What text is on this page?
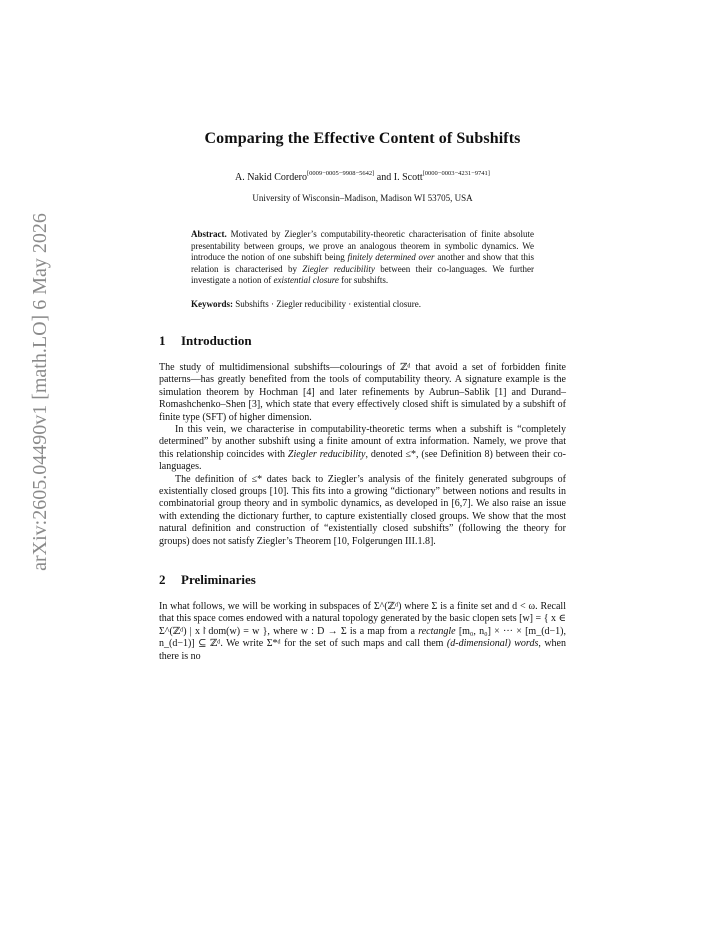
arXiv:2605.04490v1 [math.LO] 6 May 2026
Comparing the Effective Content of Subshifts
A. Nakid Cordero[0009−0005−9908−5642] and I. Scott[0000−0003−4231−9741]
University of Wisconsin–Madison, Madison WI 53705, USA
Abstract. Motivated by Ziegler’s computability-theoretic characterisation of finite absolute presentability between groups, we prove an analogous theorem in symbolic dynamics. We introduce the notion of one subshift being finitely determined over another and show that this relation is characterised by Ziegler reducibility between their co-languages. We further investigate a notion of existential closure for subshifts.
Keywords: Subshifts · Ziegler reducibility · existential closure.
1 Introduction

The study of multidimensional subshifts—colourings of ℤᵈ that avoid a set of forbidden finite patterns—has greatly benefited from the tools of computability theory. A signature example is the simulation theorem by Hochman [4] and later refinements by Aubrun–Sablik [1] and Durand–Romashchenko–Shen [3], which state that every effectively closed shift is simulated by a subshift of finite type (SFT) of higher dimension.

In this vein, we characterise in computability-theoretic terms when a subshift is “completely determined” by another subshift using a finite amount of extra information. Namely, we prove that this relationship coincides with Ziegler reducibility, denoted ≤*, (see Definition 8) between their co-languages.

The definition of ≤* dates back to Ziegler’s analysis of the finitely generated subgroups of existentially closed groups [10]. This fits into a growing “dictionary” between notions and results in combinatorial group theory and in symbolic dynamics, as developed in [6,7]. We also raise an issue with extending the dictionary further, to capture existentially closed groups. We show that the most natural definition and construction of “existentially closed subshifts” (following the theory for groups) does not satisfy Ziegler’s Theorem [10, Folgerungen III.1.8].

2 Preliminaries

In what follows, we will be working in subspaces of Σ^(ℤᵈ) where Σ is a finite set and d < ω. Recall that this space comes endowed with a natural topology generated by the basic clopen sets [w] = { x ∈ Σ^(ℤᵈ) | x↾dom(w) = w }, where w : D → Σ is a map from a rectangle [m₀, n₀] × ··· × [m_(d−1), n_(d−1)] ⊆ ℤᵈ. We write Σ*ᵈ for the set of such maps and call them (d-dimensional) words, when there is no
